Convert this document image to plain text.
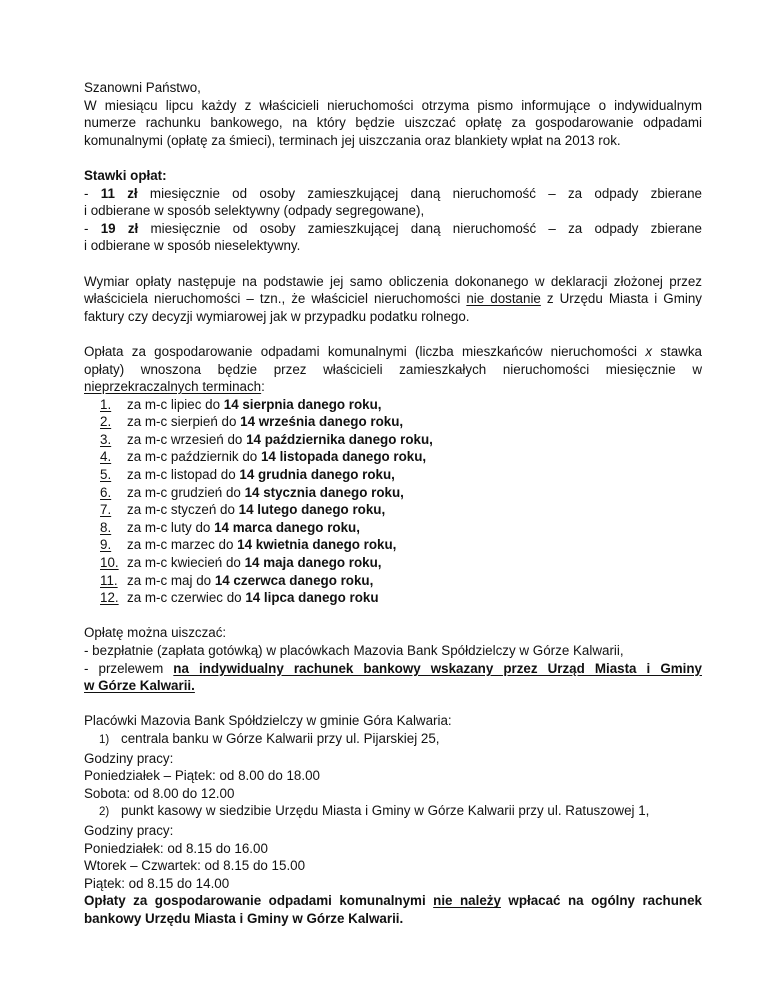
Szanowni Państwo,

W miesiącu lipcu każdy z właścicieli nieruchomości otrzyma pismo informujące o indywidualnym numerze rachunku bankowego, na który będzie uiszczać opłatę za gospodarowanie odpadami komunalnymi (opłatę za śmieci), terminach jej uiszczania oraz blankiety wpłat na 2013 rok.

Stawki opłat:

- 11 zł miesięcznie od osoby zamieszkującej daną nieruchomość – za odpady zbierane

i odbierane w sposób selektywny (odpady segregowane),

- 19 zł miesięcznie od osoby zamieszkującej daną nieruchomość – za odpady zbierane

i odbierane w sposób nieselektywny.

Wymiar opłaty następuje na podstawie jej samo obliczenia dokonanego w deklaracji złożonej przez właściciela nieruchomości – tzn., że właściciel nieruchomości nie dostanie z Urzędu Miasta i Gminy faktury czy decyzji wymiarowej jak w przypadku podatku rolnego.

Opłata za gospodarowanie odpadami komunalnymi (liczba mieszkańców nieruchomości x stawka opłaty) wnoszona będzie przez właścicieli zamieszkałych nieruchomości miesięcznie w nieprzekraczalnych terminach:

1. za m-c lipiec do 14 sierpnia danego roku,
2. za m-c sierpień do 14 września danego roku,
3. za m-c wrzesień do 14 października danego roku,
4. za m-c październik do 14 listopada danego roku,
5. za m-c listopad do 14 grudnia danego roku,
6. za m-c grudzień do 14 stycznia danego roku,
7. za m-c styczeń do 14 lutego danego roku,
8. za m-c luty do 14 marca danego roku,
9. za m-c marzec do 14 kwietnia danego roku,
10. za m-c kwiecień do 14 maja danego roku,
11. za m-c maj do 14 czerwca danego roku,
12. za m-c czerwiec do 14 lipca danego roku

Opłatę można uiszczać:

- bezpłatnie (zapłata gotówką) w placówkach Mazovia Bank Spółdzielczy w Górze Kalwarii,

- przelewem na indywidualny rachunek bankowy wskazany przez Urząd Miasta i Gminy

w Górze Kalwarii.

Placówki Mazovia Bank Spółdzielczy w gminie Góra Kalwaria:

1) centrala banku w Górze Kalwarii przy ul. Pijarskiej 25,

Godziny pracy:

Poniedziałek – Piątek: od 8.00 do 18.00

Sobota: od 8.00 do 12.00

2) punkt kasowy w siedzibie Urzędu Miasta i Gminy w Górze Kalwarii przy ul. Ratuszowej 1,

Godziny pracy:

Poniedziałek: od 8.15 do 16.00

Wtorek – Czwartek: od 8.15 do 15.00

Piątek: od 8.15 do 14.00

Opłaty za gospodarowanie odpadami komunalnymi nie należy wpłacać na ogólny rachunek bankowy Urzędu Miasta i Gminy w Górze Kalwarii.
